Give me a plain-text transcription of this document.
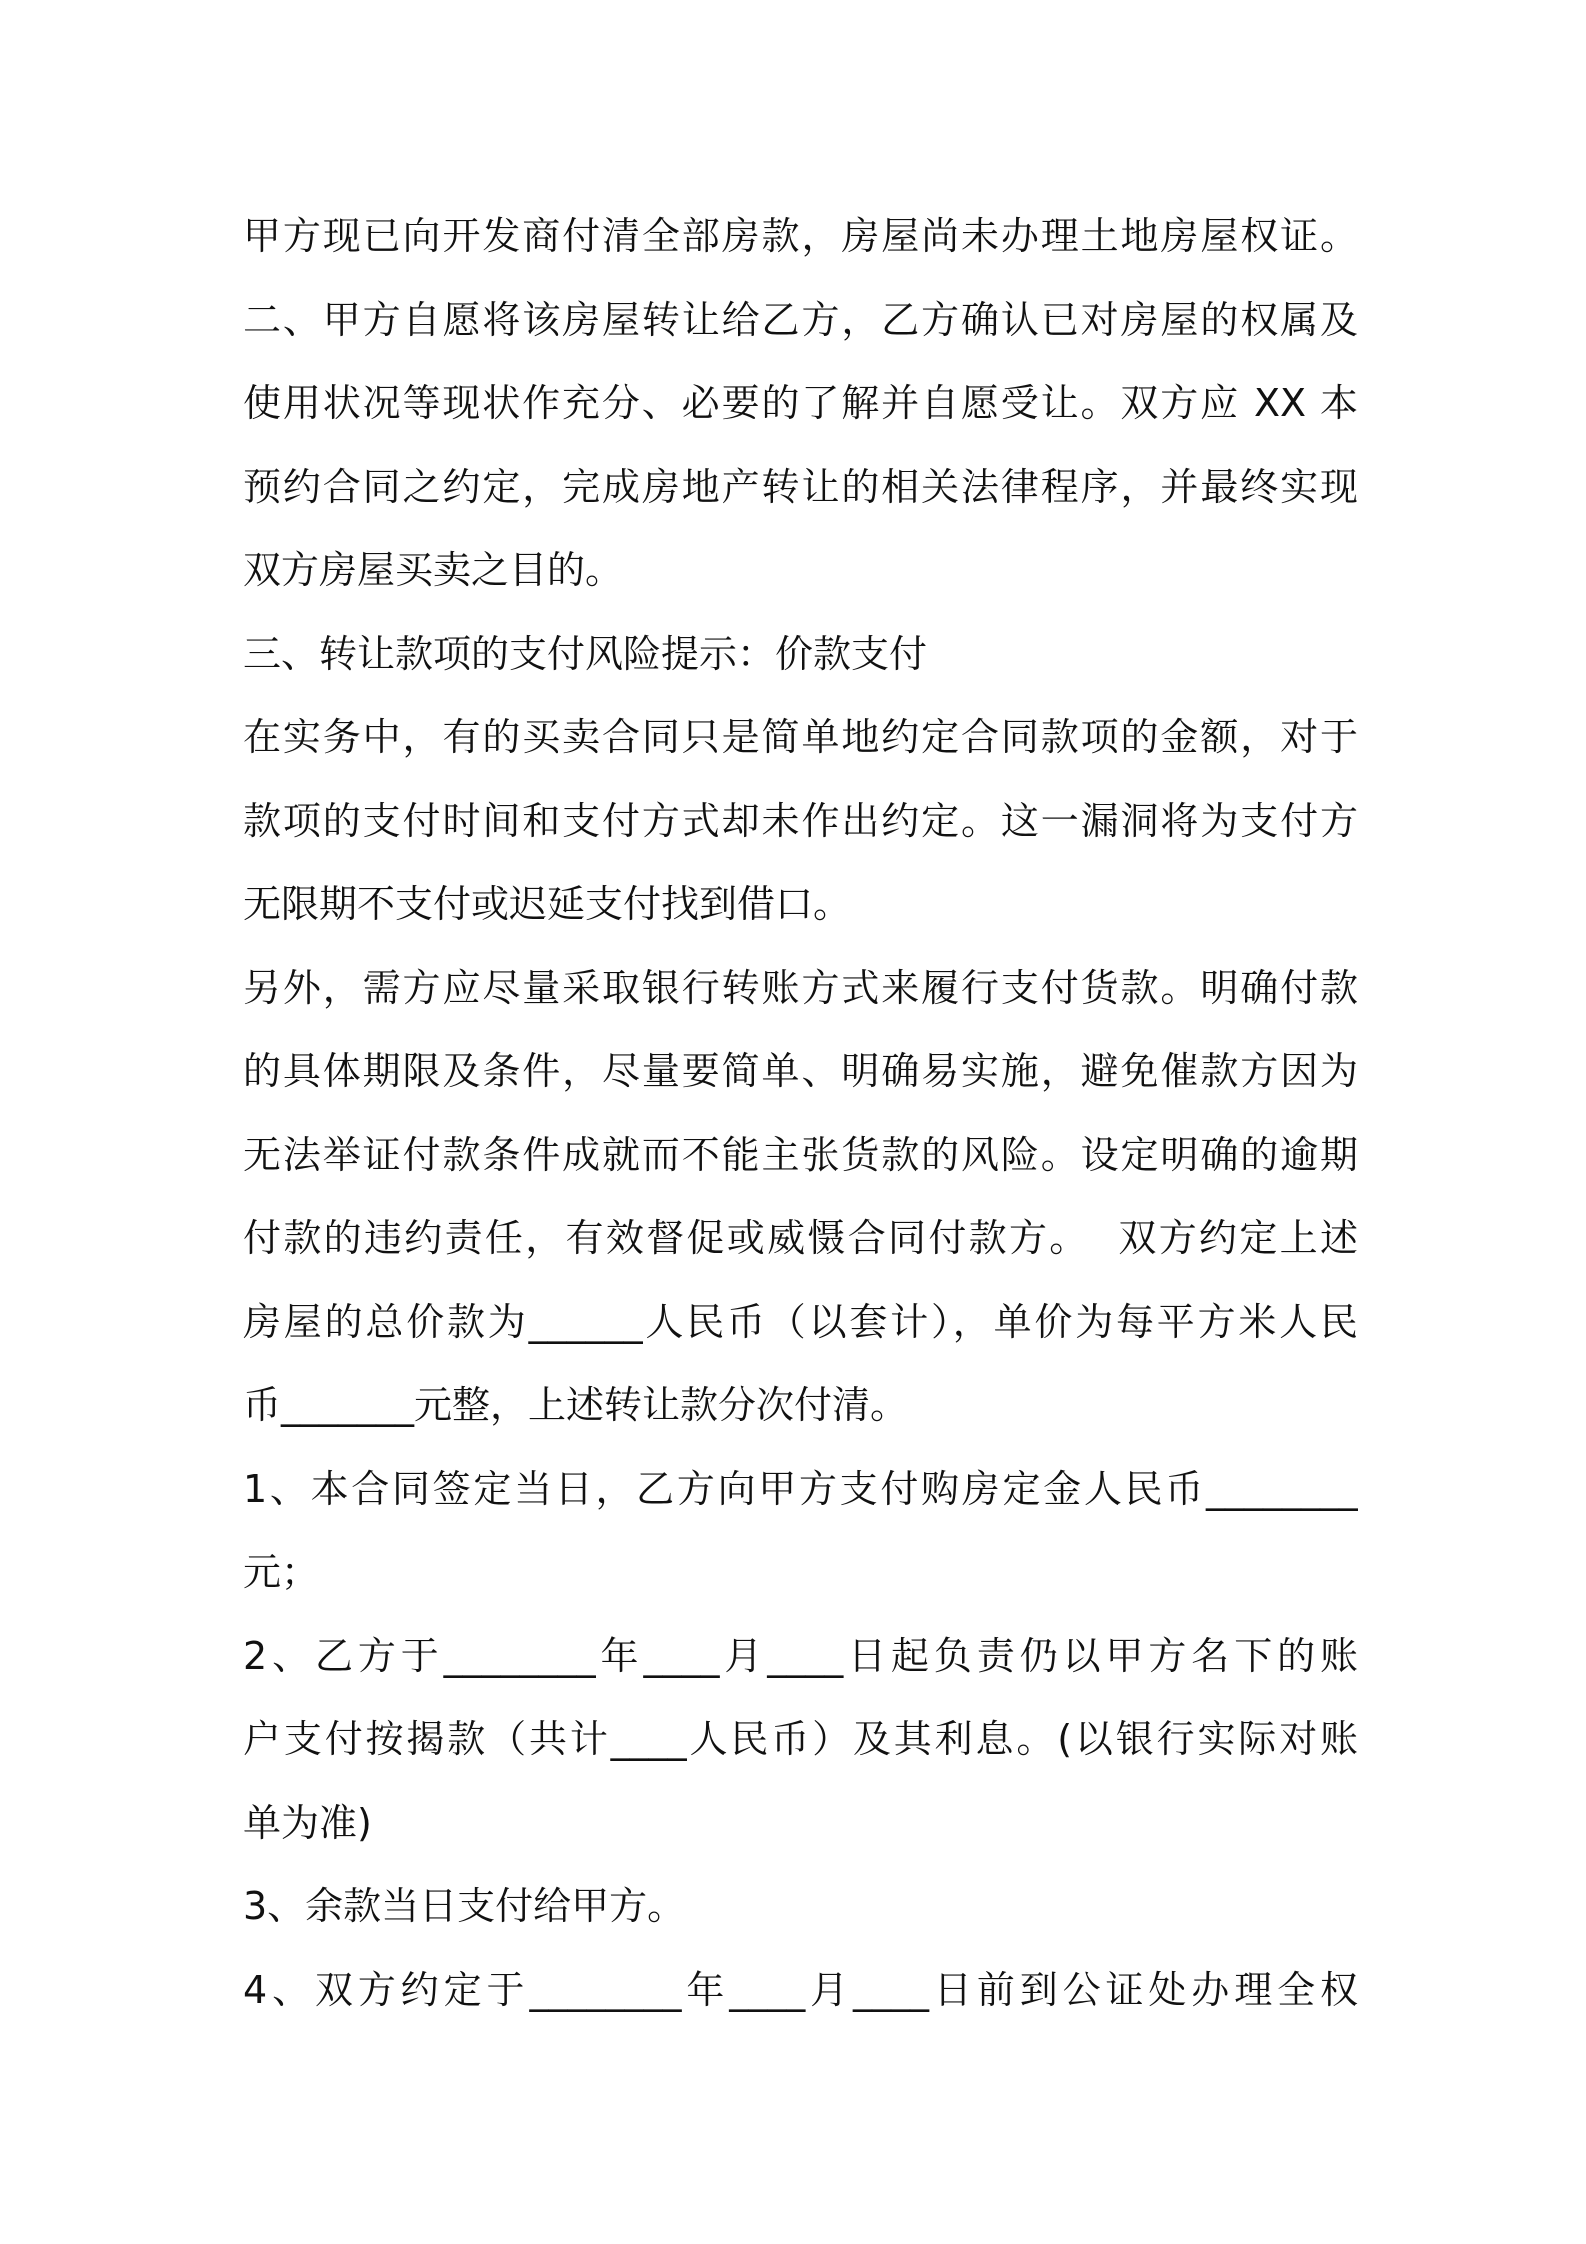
甲方现已向开发商付清全部房款，房屋尚未办理土地房屋权证。
二、甲方自愿将该房屋转让给乙方，乙方确认已对房屋的权属及
使用状况等现状作充分、必要的了解并自愿受让。双方应 XX 本
预约合同之约定，完成房地产转让的相关法律程序，并最终实现
双方房屋买卖之目的。
三、转让款项的支付风险提示：价款支付
在实务中，有的买卖合同只是简单地约定合同款项的金额，对于
款项的支付时间和支付方式却未作出约定。这一漏洞将为支付方
无限期不支付或迟延支付找到借口。
另外，需方应尽量采取银行转账方式来履行支付货款。明确付款
的具体期限及条件，尽量要简单、明确易实施，避免催款方因为
无法举证付款条件成就而不能主张货款的风险。设定明确的逾期
付款的违约责任，有效督促或威慑合同付款方。  双方约定上述
房屋的总价款为______人民币（以套计），单价为每平方米人民
币_______元整，上述转让款分次付清。
1、本合同签定当日，乙方向甲方支付购房定金人民币________
元；
2、乙方于________年____月____日起负责仍以甲方名下的账
户支付按揭款（共计____人民币）及其利息。(以银行实际对账
单为准)
3、余款当日支付给甲方。
4、双方约定于________年____月____日前到公证处办理全权
